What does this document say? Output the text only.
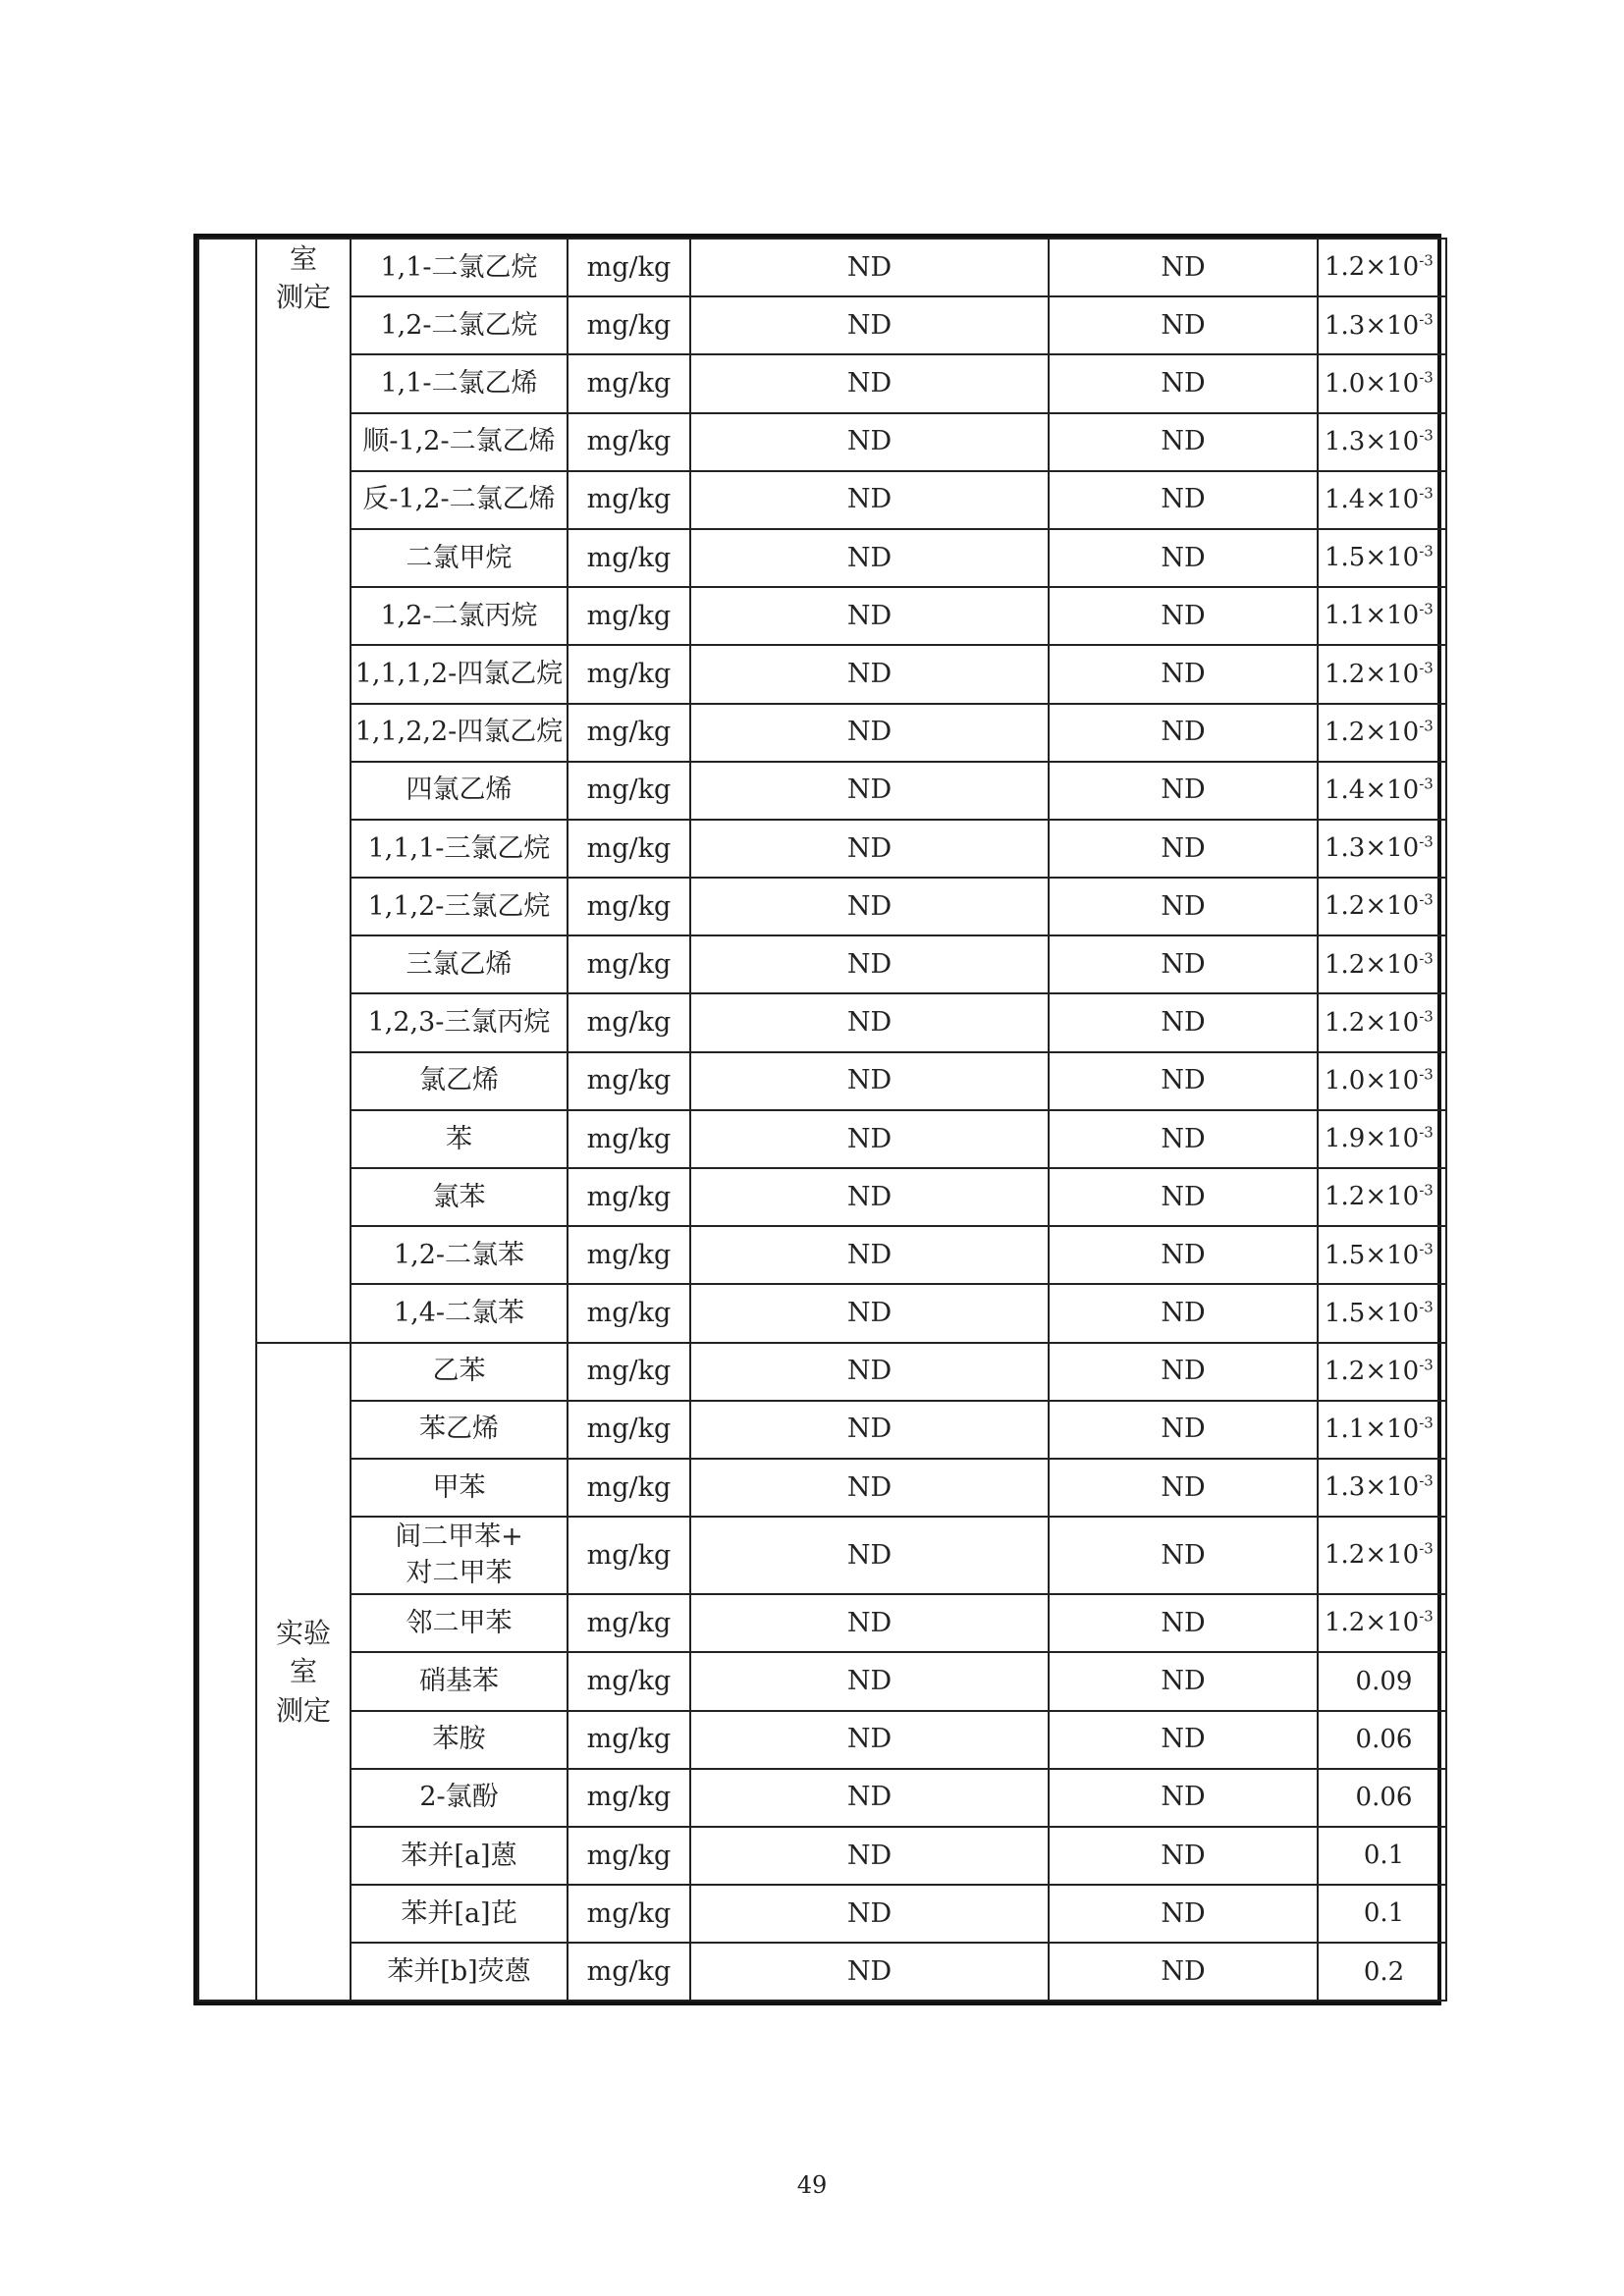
	室
测定	1,1-二氯乙烷	mg/kg	ND	ND	$1.2\times 10^{-3}$
		1,2-二氯乙烷	mg/kg	ND	ND	$1.3\times 10^{-3}$
		1,1-二氯乙烯	mg/kg	ND	ND	$1.0\times 10^{-3}$
		顺-1,2-二氯乙烯	mg/kg	ND	ND	$1.3\times 10^{-3}$
		反-1,2-二氯乙烯	mg/kg	ND	ND	$1.4\times 10^{-3}$
		二氯甲烷	mg/kg	ND	ND	$1.5\times 10^{-3}$
		1,2-二氯丙烷	mg/kg	ND	ND	$1.1\times 10^{-3}$
		1,1,1,2-四氯乙烷	mg/kg	ND	ND	$1.2\times 10^{-3}$
		1,1,2,2-四氯乙烷	mg/kg	ND	ND	$1.2\times 10^{-3}$
		四氯乙烯	mg/kg	ND	ND	$1.4\times 10^{-3}$
		1,1,1-三氯乙烷	mg/kg	ND	ND	$1.3\times 10^{-3}$
		1,1,2-三氯乙烷	mg/kg	ND	ND	$1.2\times 10^{-3}$
		三氯乙烯	mg/kg	ND	ND	$1.2\times 10^{-3}$
		1,2,3-三氯丙烷	mg/kg	ND	ND	$1.2\times 10^{-3}$
		氯乙烯	mg/kg	ND	ND	$1.0\times 10^{-3}$
		苯	mg/kg	ND	ND	$1.9\times 10^{-3}$
		氯苯	mg/kg	ND	ND	$1.2\times 10^{-3}$
		1,2-二氯苯	mg/kg	ND	ND	$1.5\times 10^{-3}$
		1,4-二氯苯	mg/kg	ND	ND	$1.5\times 10^{-3}$
	实验
室
测定	乙苯	mg/kg	ND	ND	$1.2\times 10^{-3}$
		苯乙烯	mg/kg	ND	ND	$1.1\times 10^{-3}$
		甲苯	mg/kg	ND	ND	$1.3\times 10^{-3}$
		间二甲苯+
对二甲苯	mg/kg	ND	ND	$1.2\times 10^{-3}$
		邻二甲苯	mg/kg	ND	ND	$1.2\times 10^{-3}$
		硝基苯	mg/kg	ND	ND	0.09
		苯胺	mg/kg	ND	ND	0.06
		2-氯酚	mg/kg	ND	ND	0.06
		苯并[a]蒽	mg/kg	ND	ND	0.1
		苯并[a]芘	mg/kg	ND	ND	0.1
		苯并[b]荧蒽	mg/kg	ND	ND	0.2
49
